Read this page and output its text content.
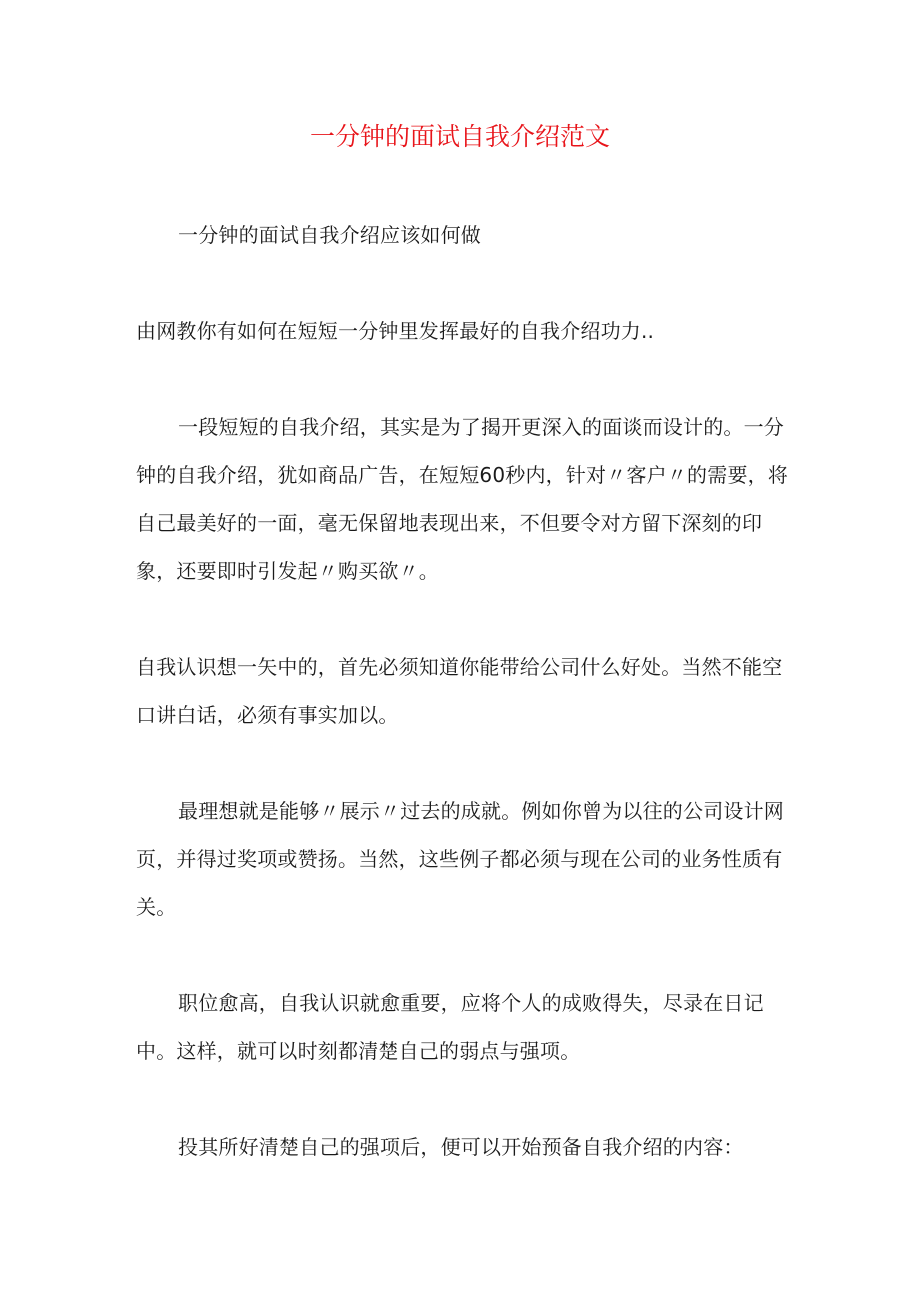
一分钟的面试自我介绍范文

一分钟的面试自我介绍应该如何做

由网教你有如何在短短一分钟里发挥最好的自我介绍功力..

一段短短的自我介绍，其实是为了揭开更深入的面谈而设计的。一分钟的自我介绍，犹如商品广告，在短短60秒内，针对〃客户〃的需要，将自己最美好的一面，毫无保留地表现出来，不但要令对方留下深刻的印象，还要即时引发起〃购买欲〃。

自我认识想一矢中的，首先必须知道你能带给公司什么好处。当然不能空口讲白话，必须有事实加以。

最理想就是能够〃展示〃过去的成就。例如你曾为以往的公司设计网页，并得过奖项或赞扬。当然，这些例子都必须与现在公司的业务性质有关。

职位愈高，自我认识就愈重要，应将个人的成败得失，尽录在日记中。这样，就可以时刻都清楚自己的弱点与强项。

投其所好清楚自己的强项后，便可以开始预备自我介绍的内容：
